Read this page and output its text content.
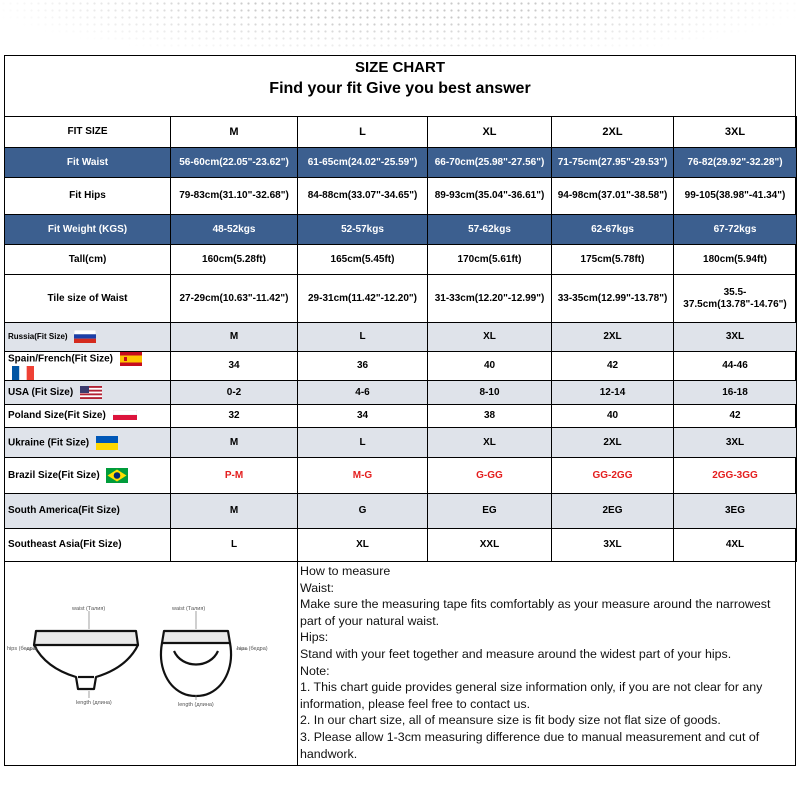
SIZE CHART
Find your fit Give you best answer
FIT SIZE	M	L	XL	2XL	3XL
Fit Waist	56-60cm(22.05"-23.62")	61-65cm(24.02"-25.59")	66-70cm(25.98"-27.56")	71-75cm(27.95"-29.53")	76-82(29.92"-32.28")
Fit Hips	79-83cm(31.10"-32.68")	84-88cm(33.07"-34.65")	89-93cm(35.04"-36.61")	94-98cm(37.01"-38.58")	99-105(38.98"-41.34")
Fit Weight (KGS)	48-52kgs	52-57kgs	57-62kgs	62-67kgs	67-72kgs
Tall(cm)	160cm(5.28ft)	165cm(5.45ft)	170cm(5.61ft)	175cm(5.78ft)	180cm(5.94ft)
Tile size of Waist	27-29cm(10.63"-11.42")	29-31cm(11.42"-12.20")	31-33cm(12.20"-12.99")	33-35cm(12.99"-13.78")	35.5-37.5cm(13.78"-14.76")
Russia(Fit Size)	M	L	XL	2XL	3XL
Spain/French(Fit Size)	34	36	40	42	44-46
USA (Fit Size)	0-2	4-6	8-10	12-14	16-18
Poland Size(Fit Size)	32	34	38	40	42
Ukraine (Fit Size)	M	L	XL	2XL	3XL
Brazil Size(Fit Size)	P-M	M-G	G-GG	GG-2GG	2GG-3GG
South America(Fit Size)	M	G	EG	2EG	3EG
Southeast Asia(Fit Size)	L	XL	XXL	3XL	4XL
waist (Талия)	waist (Талия)
hips (бедра)	hips (бедра)
length (длина)	length (длина)
How to measure
Waist:
Make sure the measuring tape fits comfortably as your measure around the narrowest part of your natural waist.
Hips:
Stand with your feet together and measure around the widest part of your hips.
Note:
1. This chart guide provides general size information only, if you are not clear for any information, please feel free to contact us.
2. In our chart size, all of meansure size is fit body size not flat size of goods.
3. Please allow 1-3cm measuring difference due to manual measurement and cut of handwork.
